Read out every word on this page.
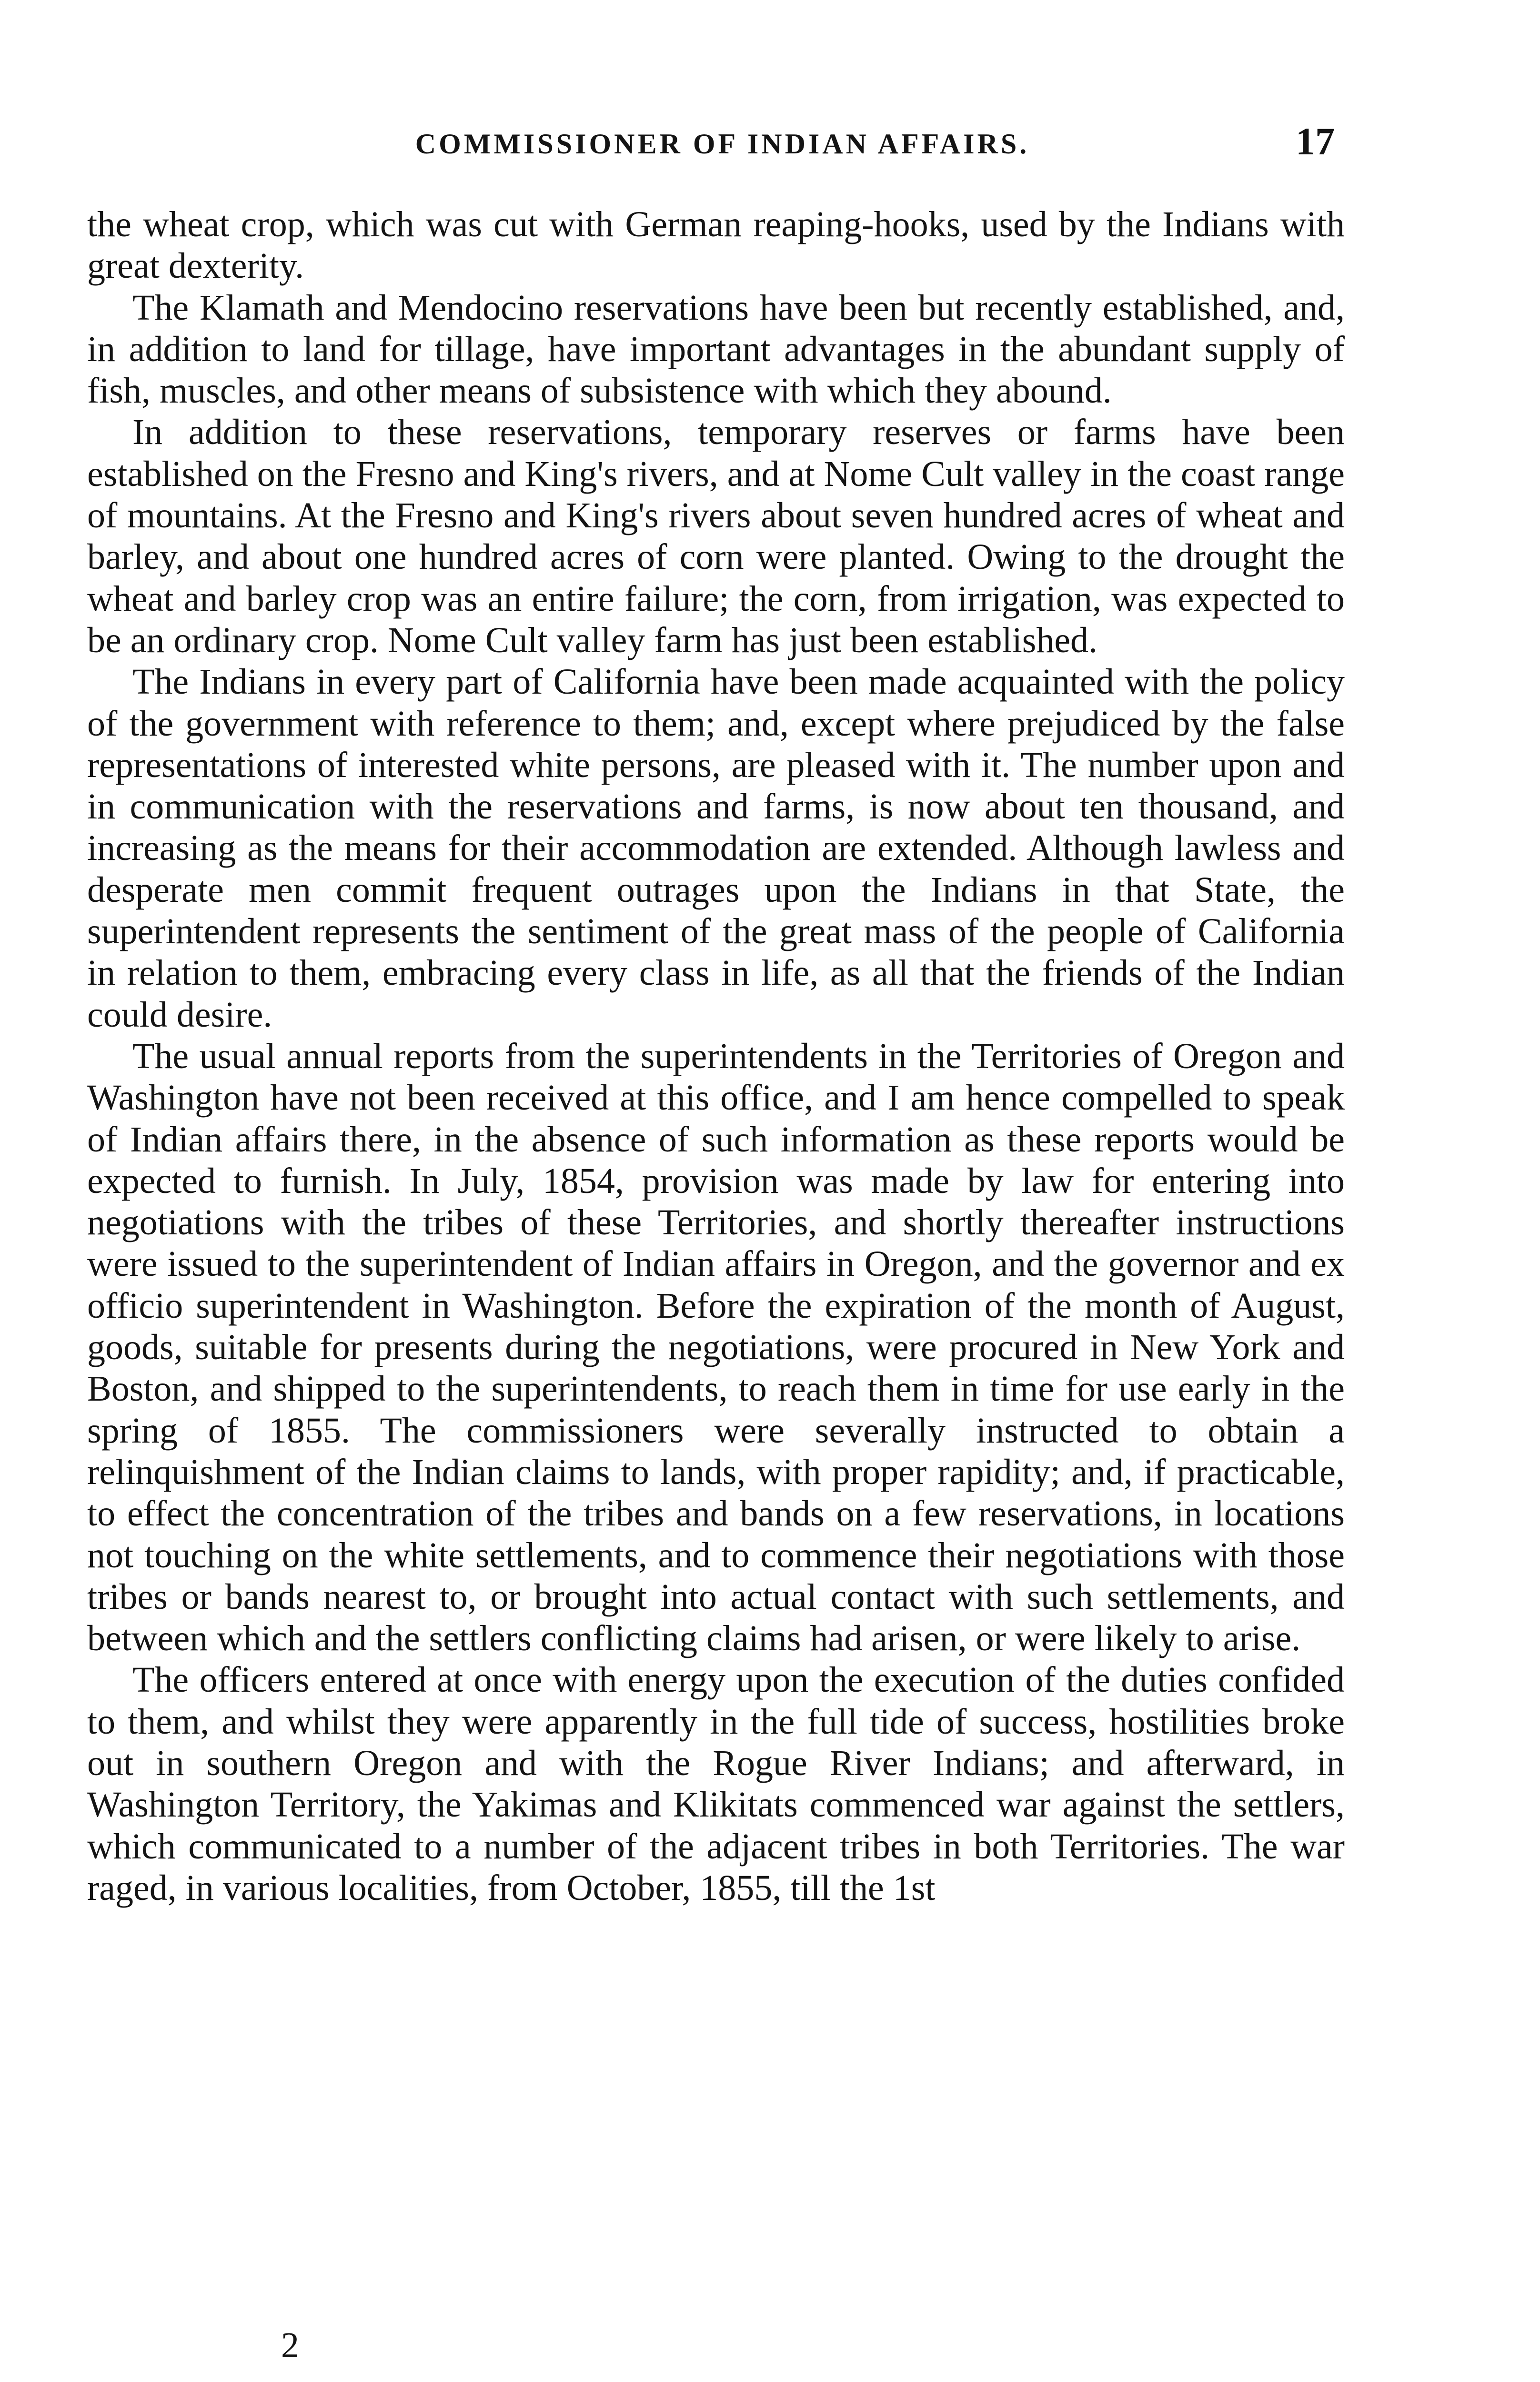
COMMISSIONER OF INDIAN AFFAIRS.	17

the wheat crop, which was cut with German reaping-hooks, used by the Indians with great dexterity.

The Klamath and Mendocino reservations have been but recently established, and, in addition to land for tillage, have important advantages in the abundant supply of fish, muscles, and other means of subsistence with which they abound.

In addition to these reservations, temporary reserves or farms have been established on the Fresno and King's rivers, and at Nome Cult valley in the coast range of mountains. At the Fresno and King's rivers about seven hundred acres of wheat and barley, and about one hundred acres of corn were planted. Owing to the drought the wheat and barley crop was an entire failure; the corn, from irrigation, was expected to be an ordinary crop. Nome Cult valley farm has just been established.

The Indians in every part of California have been made acquainted with the policy of the government with reference to them; and, except where prejudiced by the false representations of interested white persons, are pleased with it. The number upon and in communication with the reservations and farms, is now about ten thousand, and increasing as the means for their accommodation are extended. Although lawless and desperate men commit frequent outrages upon the Indians in that State, the superintendent represents the sentiment of the great mass of the people of California in relation to them, embracing every class in life, as all that the friends of the Indian could desire.

The usual annual reports from the superintendents in the Territories of Oregon and Washington have not been received at this office, and I am hence compelled to speak of Indian affairs there, in the absence of such information as these reports would be expected to furnish. In July, 1854, provision was made by law for entering into negotiations with the tribes of these Territories, and shortly thereafter instructions were issued to the superintendent of Indian affairs in Oregon, and the governor and ex officio superintendent in Washington. Before the expiration of the month of August, goods, suitable for presents during the negotiations, were procured in New York and Boston, and shipped to the superintendents, to reach them in time for use early in the spring of 1855. The commissioners were severally instructed to obtain a relinquishment of the Indian claims to lands, with proper rapidity; and, if practicable, to effect the concentration of the tribes and bands on a few reservations, in locations not touching on the white settlements, and to commence their negotiations with those tribes or bands nearest to, or brought into actual contact with such settlements, and between which and the settlers conflicting claims had arisen, or were likely to arise.

The officers entered at once with energy upon the execution of the duties confided to them, and whilst they were apparently in the full tide of success, hostilities broke out in southern Oregon and with the Rogue River Indians; and afterward, in Washington Territory, the Yakimas and Klikitats commenced war against the settlers, which communicated to a number of the adjacent tribes in both Territories. The war raged, in various localities, from October, 1855, till the 1st

2
